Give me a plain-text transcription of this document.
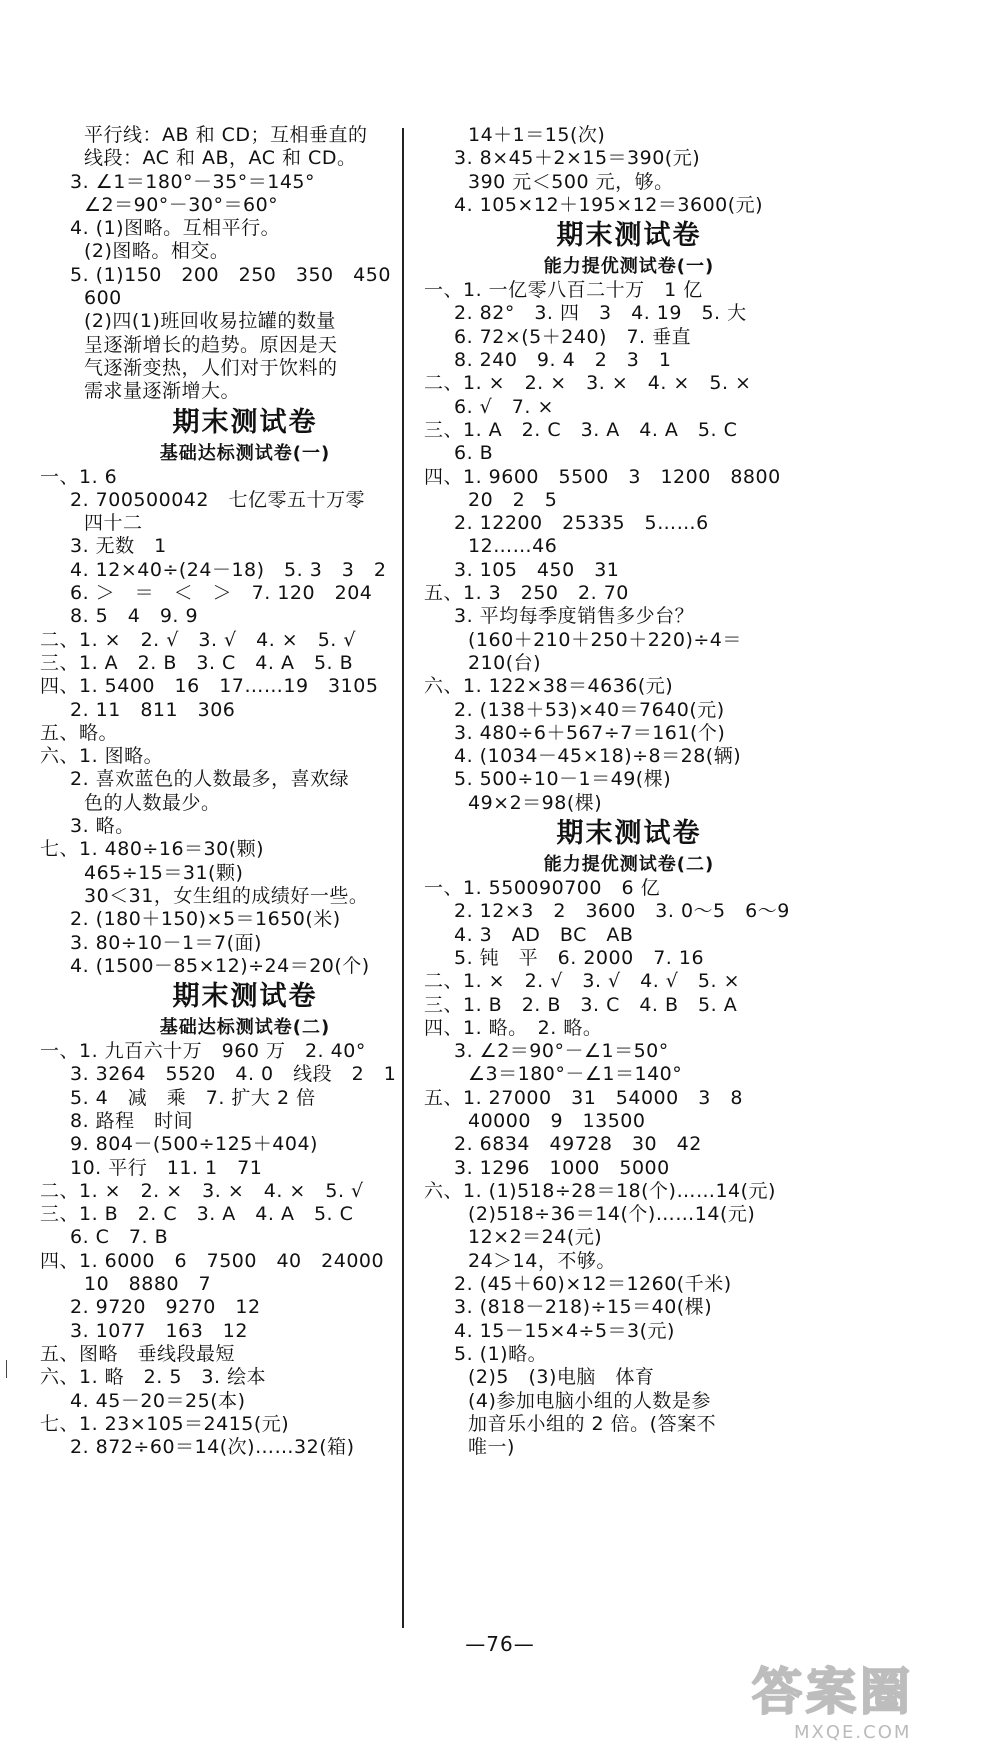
平行线：AB 和 CD；互相垂直的
线段：AC 和 AB，AC 和 CD。
3. ∠1＝180°－35°＝145°
∠2＝90°－30°＝60°
4. (1)图略。互相平行。
(2)图略。相交。
5. (1)150　200　250　350　450
600
(2)四(1)班回收易拉罐的数量
呈逐渐增长的趋势。原因是天
气逐渐变热，人们对于饮料的
需求量逐渐增大。
期末测试卷
基础达标测试卷(一)
一、1. 6
2. 700500042　七亿零五十万零
四十二
3. 无数　1
4. 12×40÷(24－18)　5. 3　3　2
6. ＞　＝　＜　＞　7. 120　204
8. 5　4　9. 9
二、1. ×　2. √　3. √　4. ×　5. √
三、1. A　2. B　3. C　4. A　5. B
四、1. 5400　16　17……19　3105
2. 11　811　306
五、略。
六、1. 图略。
2. 喜欢蓝色的人数最多，喜欢绿
色的人数最少。
3. 略。
七、1. 480÷16＝30(颗)
465÷15＝31(颗)
30＜31，女生组的成绩好一些。
2. (180＋150)×5＝1650(米)
3. 80÷10－1＝7(面)
4. (1500－85×12)÷24＝20(个)
期末测试卷
基础达标测试卷(二)
一、1. 九百六十万　960 万　2. 40°
3. 3264　5520　4. 0　线段　2　1
5. 4　减　乘　7. 扩大 2 倍
8. 路程　时间
9. 804－(500÷125＋404)
10. 平行　11. 1　71
二、1. ×　2. ×　3. ×　4. ×　5. √
三、1. B　2. C　3. A　4. A　5. C
6. C　7. B
四、1. 6000　6　7500　40　24000
10　8880　7
2. 9720　9270　12
3. 1077　163　12
五、图略　垂线段最短
六、1. 略　2. 5　3. 绘本
4. 45－20＝25(本)
七、1. 23×105＝2415(元)
2. 872÷60＝14(次)……32(箱)
14＋1＝15(次)
3. 8×45＋2×15＝390(元)
390 元＜500 元，够。
4. 105×12＋195×12＝3600(元)
期末测试卷
能力提优测试卷(一)
一、1. 一亿零八百二十万　1 亿
2. 82°　3. 四　3　4. 19　5. 大
6. 72×(5＋240)　7. 垂直
8. 240　9. 4　2　3　1
二、1. ×　2. ×　3. ×　4. ×　5. ×
6. √　7. ×
三、1. A　2. C　3. A　4. A　5. C
6. B
四、1. 9600　5500　3　1200　8800
20　2　5
2. 12200　25335　5……6
12……46
3. 105　450　31
五、1. 3　250　2. 70
3. 平均每季度销售多少台？
(160＋210＋250＋220)÷4＝
210(台)
六、1. 122×38＝4636(元)
2. (138＋53)×40＝7640(元)
3. 480÷6＋567÷7＝161(个)
4. (1034－45×18)÷8＝28(辆)
5. 500÷10－1＝49(棵)
49×2＝98(棵)
期末测试卷
能力提优测试卷(二)
一、1. 550090700　6 亿
2. 12×3　2　3600　3. 0～5　6～9
4. 3　AD　BC　AB
5. 钝　平　6. 2000　7. 16
二、1. ×　2. √　3. √　4. √　5. ×
三、1. B　2. B　3. C　4. B　5. A
四、1. 略。　2. 略。
3. ∠2＝90°－∠1＝50°
∠3＝180°－∠1＝140°
五、1. 27000　31　54000　3　8
40000　9　13500
2. 6834　49728　30　42
3. 1296　1000　5000
六、1. (1)518÷28＝18(个)……14(元)
(2)518÷36＝14(个)……14(元)
12×2＝24(元)
24＞14，不够。
2. (45＋60)×12＝1260(千米)
3. (818－218)÷15＝40(棵)
4. 15－15×4÷5＝3(元)
5. (1)略。
(2)5　(3)电脑　体育
(4)参加电脑小组的人数是参
加音乐小组的 2 倍。(答案不
唯一)
—76—
答案圈
MXQE.COM
